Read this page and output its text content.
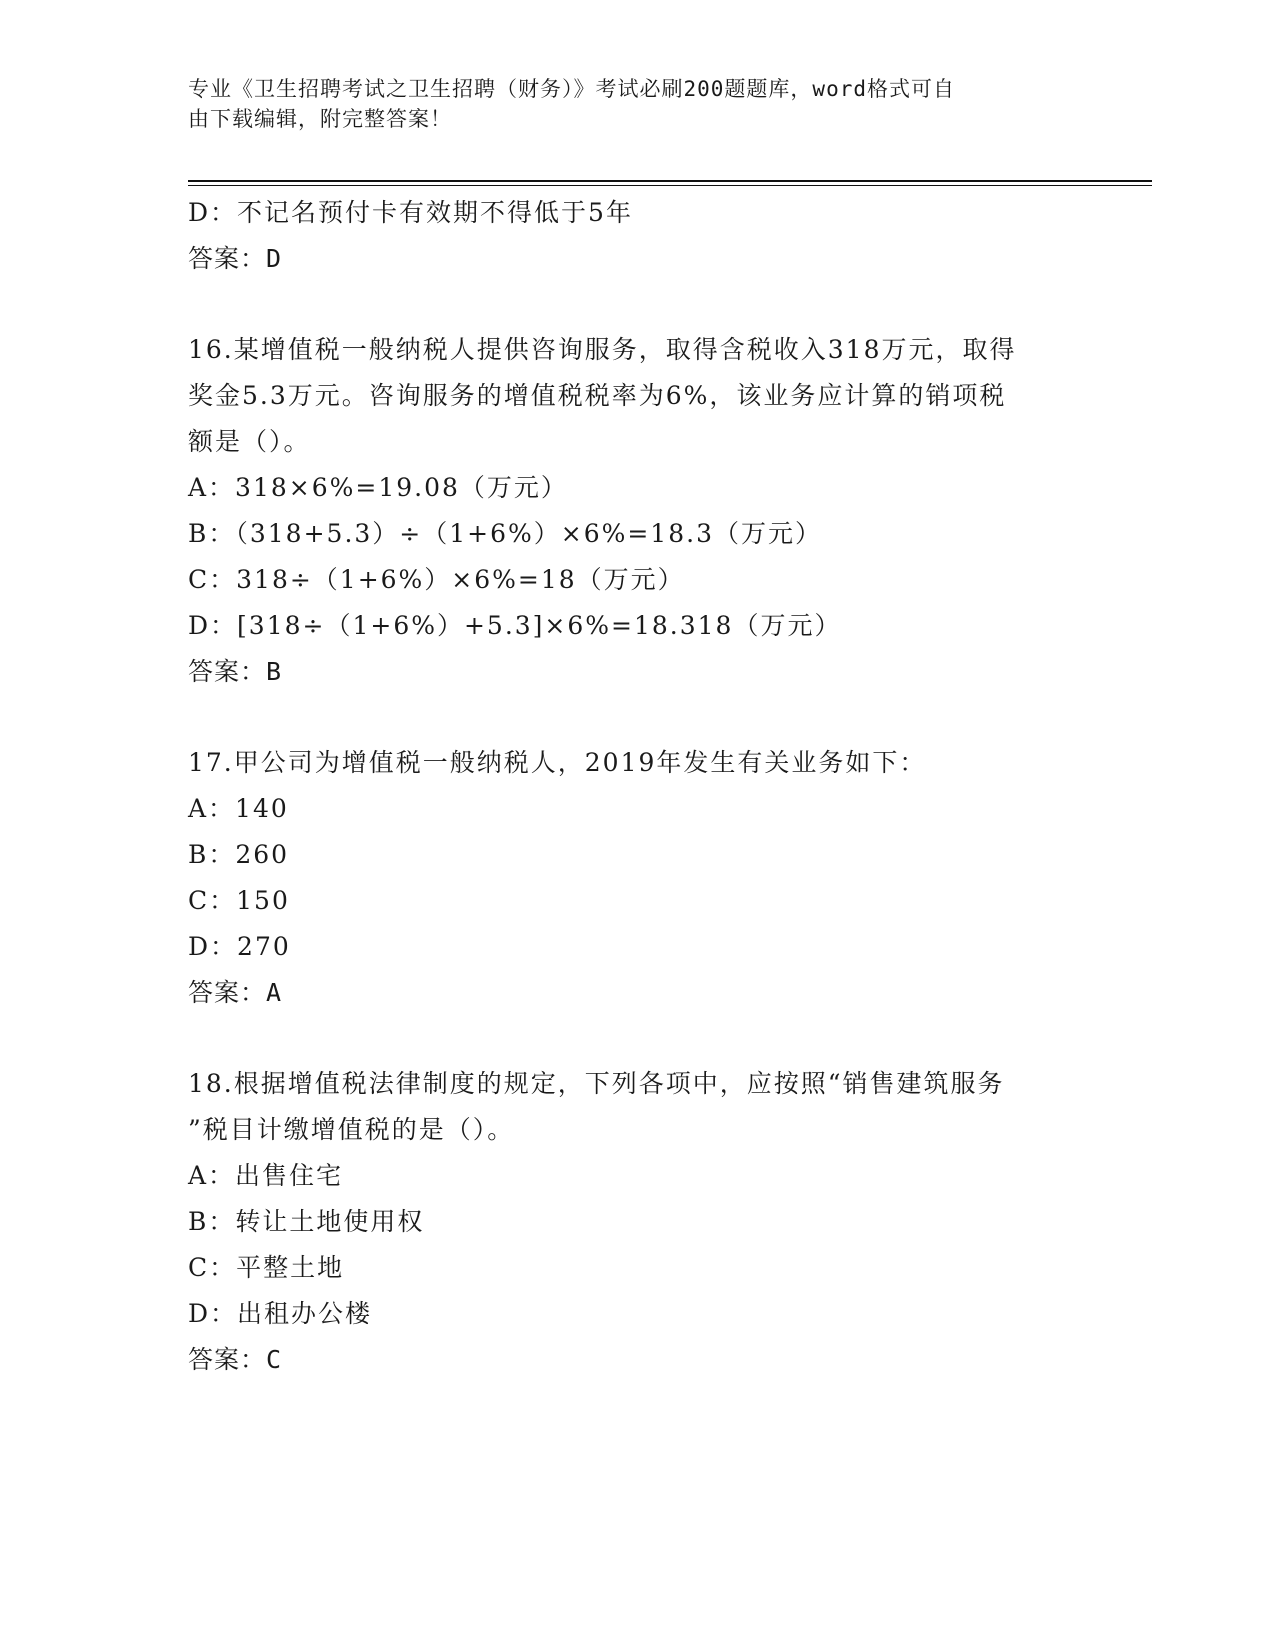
专业《卫生招聘考试之卫生招聘（财务）》考试必刷200题题库，word格式可自
由下载编辑，附完整答案！
D：不记名预付卡有效期不得低于5年
答案：D
16.某增值税一般纳税人提供咨询服务，取得含税收入318万元，取得
奖金5.3万元。咨询服务的增值税税率为6%，该业务应计算的销项税
额是（）。
A：318×6%=19.08（万元）
B：（318+5.3）÷（1+6%）×6%=18.3（万元）
C：318÷（1+6%）×6%=18（万元）
D：[318÷（1+6%）+5.3]×6%=18.318（万元）
答案：B
17.甲公司为增值税一般纳税人，2019年发生有关业务如下：
A：140
B：260
C：150
D：270
答案：A
18.根据增值税法律制度的规定，下列各项中，应按照“销售建筑服务
”税目计缴增值税的是（）。
A：出售住宅
B：转让土地使用权
C：平整土地
D：出租办公楼
答案：C
